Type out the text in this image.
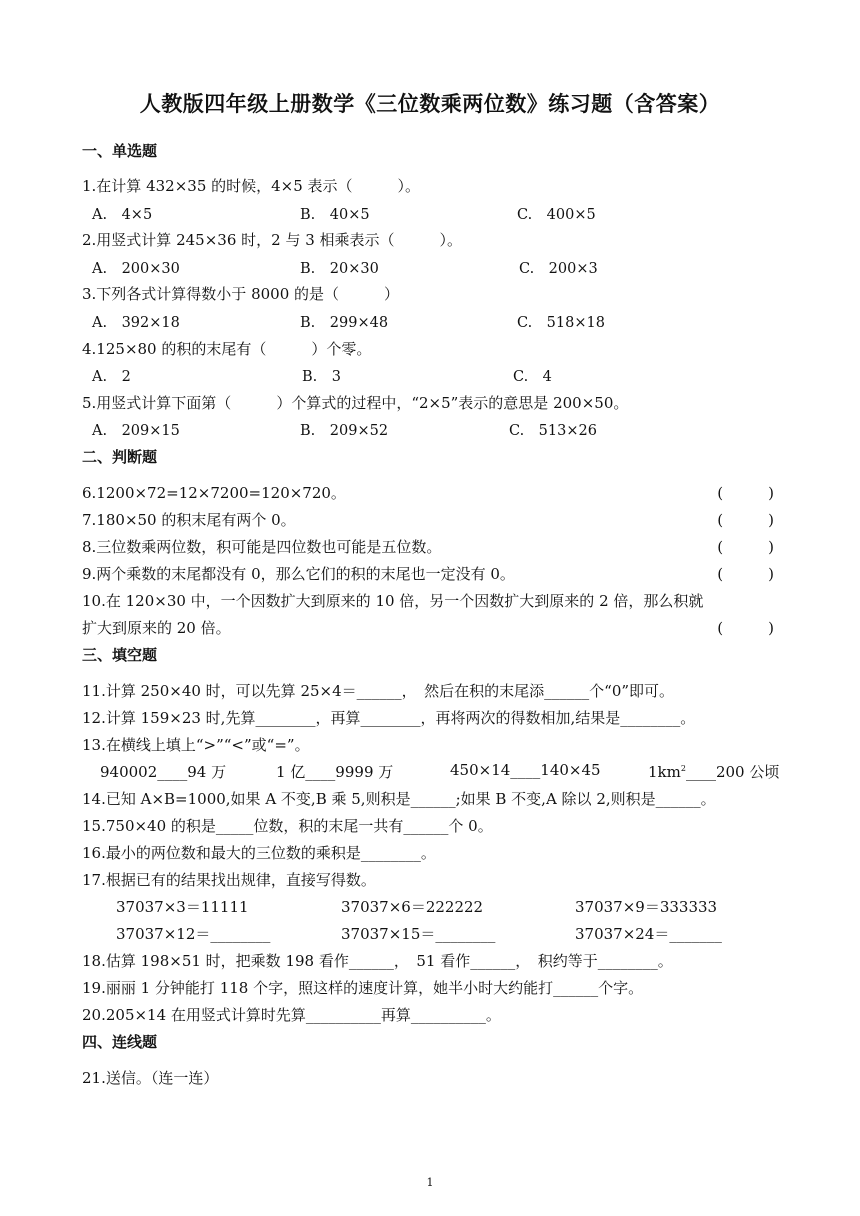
人教版四年级上册数学《三位数乘两位数》练习题（含答案）
一、单选题
1.在计算 432×35 的时候，4×5 表示（　　　）。
A.　4×5	B.　40×5	C.　400×5
2.用竖式计算 245×36 时，2 与 3 相乘表示（　　　）。
A.　200×30	B.　20×30	C.　200×3
3.下列各式计算得数小于 8000 的是（　　　）
A.　392×18	B.　299×48	C.　518×18
4.125×80 的积的末尾有（　　　）个零。
A.　2	B.　3	C.　4
5.用竖式计算下面第（　　　）个算式的过程中，“2×5”表示的意思是 200×50。
A.　209×15	B.　209×52	C.　513×26
二、判断题
6.1200×72=12×7200=120×720。	(　　　)
7.180×50 的积末尾有两个 0。	(　　　)
8.三位数乘两位数，积可能是四位数也可能是五位数。	(　　　)
9.两个乘数的末尾都没有 0，那么它们的积的末尾也一定没有 0。	(　　　)
10.在 120×30 中，一个因数扩大到原来的 10 倍，另一个因数扩大到原来的 2 倍，那么积就
扩大到原来的 20 倍。	(　　　)
三、填空题
11.计算 250×40 时，可以先算 25×4＝______，　然后在积的末尾添______个“0”即可。
12.计算 159×23 时,先算________，再算________，再将两次的得数相加,结果是________。
13.在横线上填上“>”“<”或“=”。
940002____94 万	1 亿____9999 万	450×14____140×45	$1km^2\_\_\_\_200$ 公顷
14.已知 A×B=1000,如果 A 不变,B 乘 5,则积是______;如果 B 不变,A 除以 2,则积是______。
15.750×40 的积是_____位数，积的末尾一共有______个 0。
16.最小的两位数和最大的三位数的乘积是________。
17.根据已有的结果找出规律，直接写得数。
37037×3＝11111	37037×6＝222222	37037×9＝333333
37037×12＝________	37037×15＝________	37037×24＝_______
18.估算 198×51 时，把乘数 198 看作______，　51 看作______，　积约等于________。
19.丽丽 1 分钟能打 118 个字，照这样的速度计算，她半小时大约能打______个字。
20.205×14 在用竖式计算时先算__________再算__________。
四、连线题
21.送信。（连一连）
1
